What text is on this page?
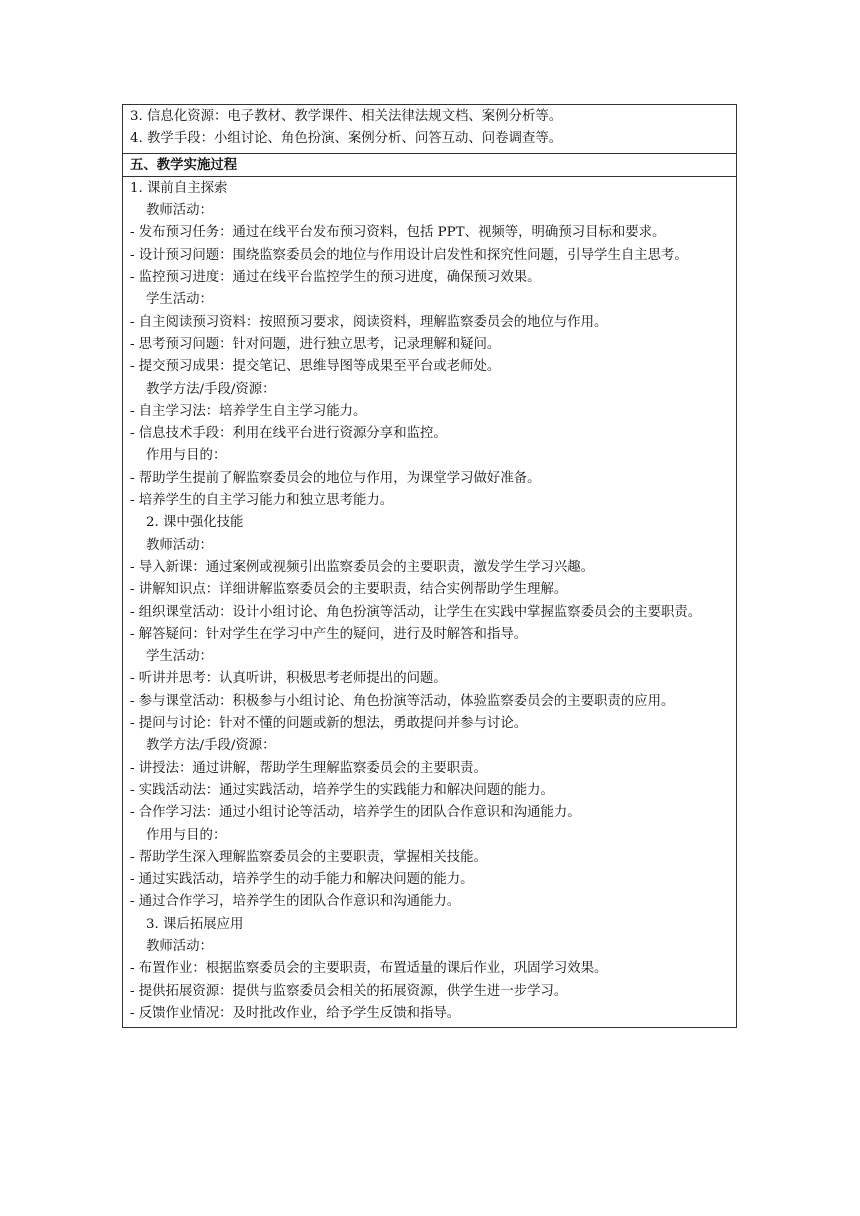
3. 信息化资源：电子教材、教学课件、相关法律法规文档、案例分析等。
4. 教学手段：小组讨论、角色扮演、案例分析、问答互动、问卷调查等。
五、教学实施过程
1. 课前自主探索
教师活动：
- 发布预习任务：通过在线平台发布预习资料，包括 PPT、视频等，明确预习目标和要求。
- 设计预习问题：围绕监察委员会的地位与作用设计启发性和探究性问题，引导学生自主思考。
- 监控预习进度：通过在线平台监控学生的预习进度，确保预习效果。
学生活动：
- 自主阅读预习资料：按照预习要求，阅读资料，理解监察委员会的地位与作用。
- 思考预习问题：针对问题，进行独立思考，记录理解和疑问。
- 提交预习成果：提交笔记、思维导图等成果至平台或老师处。
教学方法/手段/资源：
- 自主学习法：培养学生自主学习能力。
- 信息技术手段：利用在线平台进行资源分享和监控。
作用与目的：
- 帮助学生提前了解监察委员会的地位与作用，为课堂学习做好准备。
- 培养学生的自主学习能力和独立思考能力。
2. 课中强化技能
教师活动：
- 导入新课：通过案例或视频引出监察委员会的主要职责，激发学生学习兴趣。
- 讲解知识点：详细讲解监察委员会的主要职责，结合实例帮助学生理解。
- 组织课堂活动：设计小组讨论、角色扮演等活动，让学生在实践中掌握监察委员会的主要职责。
- 解答疑问：针对学生在学习中产生的疑问，进行及时解答和指导。
学生活动：
- 听讲并思考：认真听讲，积极思考老师提出的问题。
- 参与课堂活动：积极参与小组讨论、角色扮演等活动，体验监察委员会的主要职责的应用。
- 提问与讨论：针对不懂的问题或新的想法，勇敢提问并参与讨论。
教学方法/手段/资源：
- 讲授法：通过讲解，帮助学生理解监察委员会的主要职责。
- 实践活动法：通过实践活动，培养学生的实践能力和解决问题的能力。
- 合作学习法：通过小组讨论等活动，培养学生的团队合作意识和沟通能力。
作用与目的：
- 帮助学生深入理解监察委员会的主要职责，掌握相关技能。
- 通过实践活动，培养学生的动手能力和解决问题的能力。
- 通过合作学习，培养学生的团队合作意识和沟通能力。
3. 课后拓展应用
教师活动：
- 布置作业：根据监察委员会的主要职责，布置适量的课后作业，巩固学习效果。
- 提供拓展资源：提供与监察委员会相关的拓展资源，供学生进一步学习。
- 反馈作业情况：及时批改作业，给予学生反馈和指导。
